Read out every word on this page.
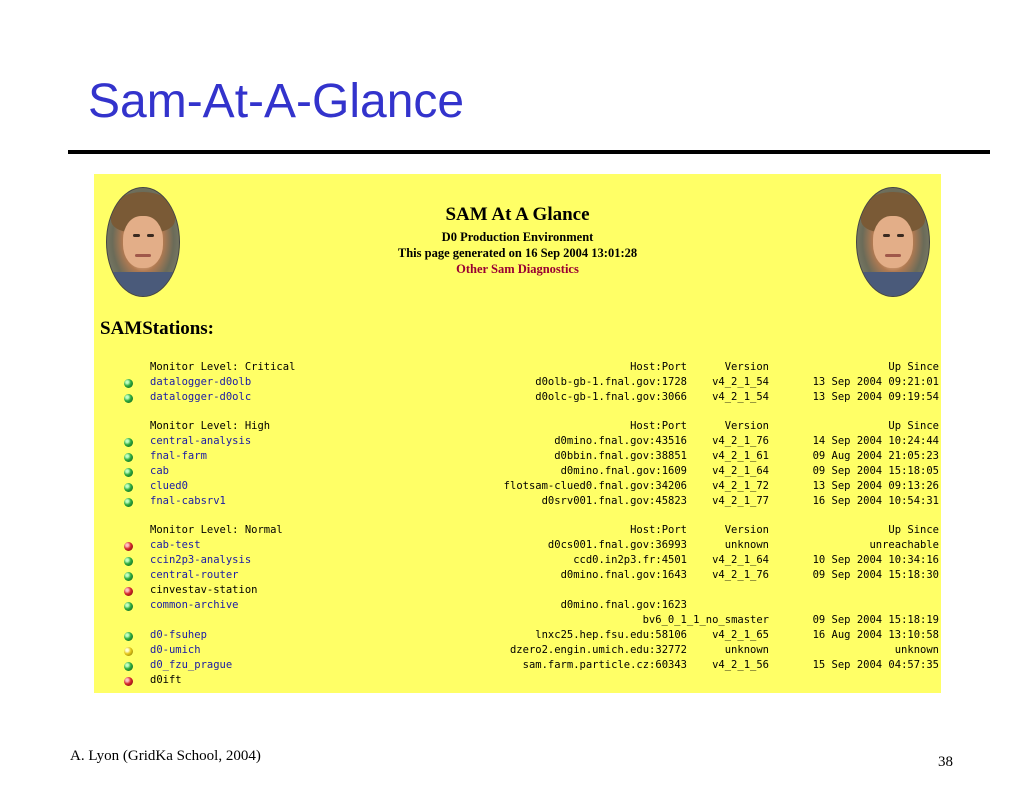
Sam-At-A-Glance
SAM At A Glance
D0 Production Environment
This page generated on 16 Sep 2004 13:01:28
Other Sam Diagnostics
SAMStations:
Monitor Level: Critical	Host:Port	Version	Up Since
datalogger-d0olb	d0olb-gb-1.fnal.gov:1728 v4_2_1_54	13 Sep 2004 09:21:01
datalogger-d0olc	d0olc-gb-1.fnal.gov:3066 v4_2_1_54	13 Sep 2004 09:19:54
Monitor Level: High	Host:Port	Version	Up Since
central-analysis	d0mino.fnal.gov:43516 v4_2_1_76	14 Sep 2004 10:24:44
fnal-farm	d0bbin.fnal.gov:38851 v4_2_1_61	09 Aug 2004 21:05:23
cab	d0mino.fnal.gov:1609 v4_2_1_64	09 Sep 2004 15:18:05
clued0	flotsam-clued0.fnal.gov:34206 v4_2_1_72	13 Sep 2004 09:13:26
fnal-cabsrv1	d0srv001.fnal.gov:45823 v4_2_1_77	16 Sep 2004 10:54:31
Monitor Level: Normal	Host:Port	Version	Up Since
cab-test	d0cs001.fnal.gov:36993	unknown	unreachable
ccin2p3-analysis	ccd0.in2p3.fr:4501 v4_2_1_64	10 Sep 2004 10:34:16
central-router	d0mino.fnal.gov:1643 v4_2_1_76	09 Sep 2004 15:18:30
cinvestav-station
common-archive	d0mino.fnal.gov:1623
bv6_0_1_1_no_smaster	09 Sep 2004 15:18:19
d0-fsuhep	lnxc25.hep.fsu.edu:58106 v4_2_1_65	16 Aug 2004 13:10:58
d0-umich	dzero2.engin.umich.edu:32772	unknown	unknown
d0_fzu_prague	sam.farm.particle.cz:60343 v4_2_1_56	15 Sep 2004 04:57:35
d0ift
A. Lyon (GridKa School, 2004)	38
